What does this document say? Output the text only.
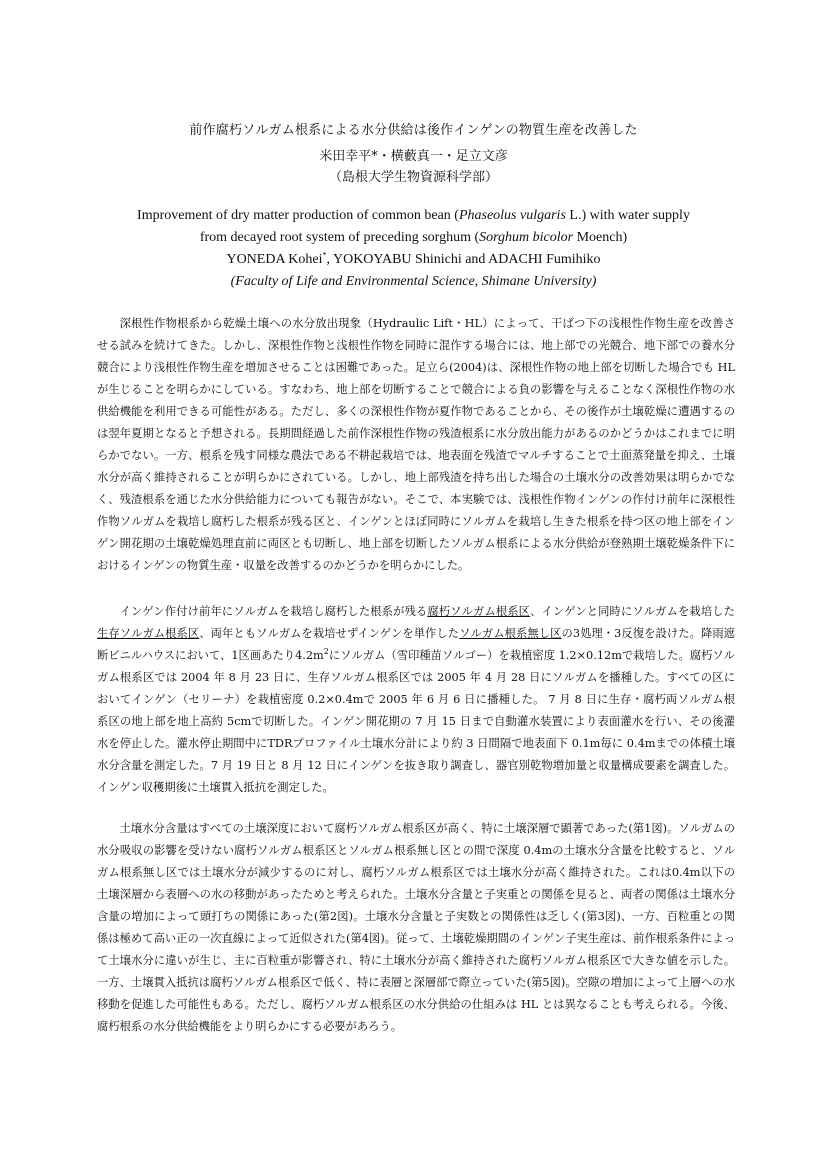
前作腐朽ソルガム根系による水分供給は後作インゲンの物質生産を改善した
米田幸平*・横藪真一・足立文彦
（島根大学生物資源科学部）
Improvement of dry matter production of common bean (Phaseolus vulgaris L.) with water supply
from decayed root system of preceding sorghum (Sorghum bicolor Moench)
YONEDA Kohei*, YOKOYABU Shinichi and ADACHI Fumihiko
(Faculty of Life and Environmental Science, Shimane University)

深根性作物根系から乾燥土壌への水分放出現象（Hydraulic Lift・HL）によって、干ばつ下の浅根性作物生産を改善させる試みを続けてきた。しかし、深根性作物と浅根性作物を同時に混作する場合には、地上部での光競合、地下部での養水分競合により浅根性作物生産を増加させることは困難であった。足立ら(2004)は、深根性作物の地上部を切断した場合でも HL が生じることを明らかにしている。すなわち、地上部を切断することで競合による負の影響を与えることなく深根性作物の水供給機能を利用できる可能性がある。ただし、多くの深根性作物が夏作物であることから、その後作が土壌乾燥に遭遇するのは翌年夏期となると予想される。長期間経過した前作深根性作物の残渣根系に水分放出能力があるのかどうかはこれまでに明らかでない。一方、根系を残す同様な農法である不耕起栽培では、地表面を残渣でマルチすることで土面蒸発量を抑え、土壌水分が高く維持されることが明らかにされている。しかし、地上部残渣を持ち出した場合の土壌水分の改善効果は明らかでなく、残渣根系を通じた水分供給能力についても報告がない。そこで、本実験では、浅根性作物インゲンの作付け前年に深根性作物ソルガムを栽培し腐朽した根系が残る区と、インゲンとほぼ同時にソルガムを栽培し生きた根系を持つ区の地上部をインゲン開花期の土壌乾燥処理直前に両区とも切断し、地上部を切断したソルガム根系による水分供給が登熟期土壌乾燥条件下におけるインゲンの物質生産・収量を改善するのかどうかを明らかにした。

インゲン作付け前年にソルガムを栽培し腐朽した根系が残る腐朽ソルガム根系区、インゲンと同時にソルガムを栽培した生存ソルガム根系区、両年ともソルガムを栽培せずインゲンを単作したソルガム根系無し区の3処理・3反復を設けた。降雨遮断ビニルハウスにおいて、1区画あたり$4.2m^2$にソルガム（雪印種苗ソルゴー）を栽植密度 1.2×0.12mで栽培した。腐朽ソルガム根系区では 2004 年 8 月 23 日に、生存ソルガム根系区では 2005 年 4 月 28 日にソルガムを播種した。すべての区においてインゲン（セリーナ）を栽植密度 0.2×0.4mで 2005 年 6 月 6 日に播種した。 7 月 8 日に生存・腐朽両ソルガム根系区の地上部を地上高約 5cmで切断した。インゲン開花期の 7 月 15 日まで自動灌水装置により表面灌水を行い、その後灌水を停止した。灌水停止期間中にTDRプロファイル土壌水分計により約 3 日間隔で地表面下 0.1m毎に 0.4mまでの体積土壌水分含量を測定した。7 月 19 日と 8 月 12 日にインゲンを抜き取り調査し、器官別乾物増加量と収量構成要素を調査した。インゲン収穫期後に土壌貫入抵抗を測定した。

土壌水分含量はすべての土壌深度において腐朽ソルガム根系区が高く、特に土壌深層で顕著であった(第1図)。ソルガムの水分吸収の影響を受けない腐朽ソルガム根系区とソルガム根系無し区との間で深度 0.4mの土壌水分含量を比較すると、ソルガム根系無し区では土壌水分が減少するのに対し、腐朽ソルガム根系区では土壌水分が高く維持された。これは0.4m以下の土壌深層から表層への水の移動があったためと考えられた。土壌水分含量と子実重との関係を見ると、両者の関係は土壌水分含量の増加によって頭打ちの関係にあった(第2図)。土壌水分含量と子実数との関係性は乏しく(第3図)、一方、百粒重との関係は極めて高い正の一次直線によって近似された(第4図)。従って、土壌乾燥期間のインゲン子実生産は、前作根系条件によって土壌水分に違いが生じ、主に百粒重が影響され、特に土壌水分が高く維持された腐朽ソルガム根系区で大きな値を示した。一方、土壌貫入抵抗は腐朽ソルガム根系区で低く、特に表層と深層部で際立っていた(第5図)。空隙の増加によって上層への水移動を促進した可能性もある。ただし、腐朽ソルガム根系区の水分供給の仕組みは HL とは異なることも考えられる。今後、腐朽根系の水分供給機能をより明らかにする必要があろう。
